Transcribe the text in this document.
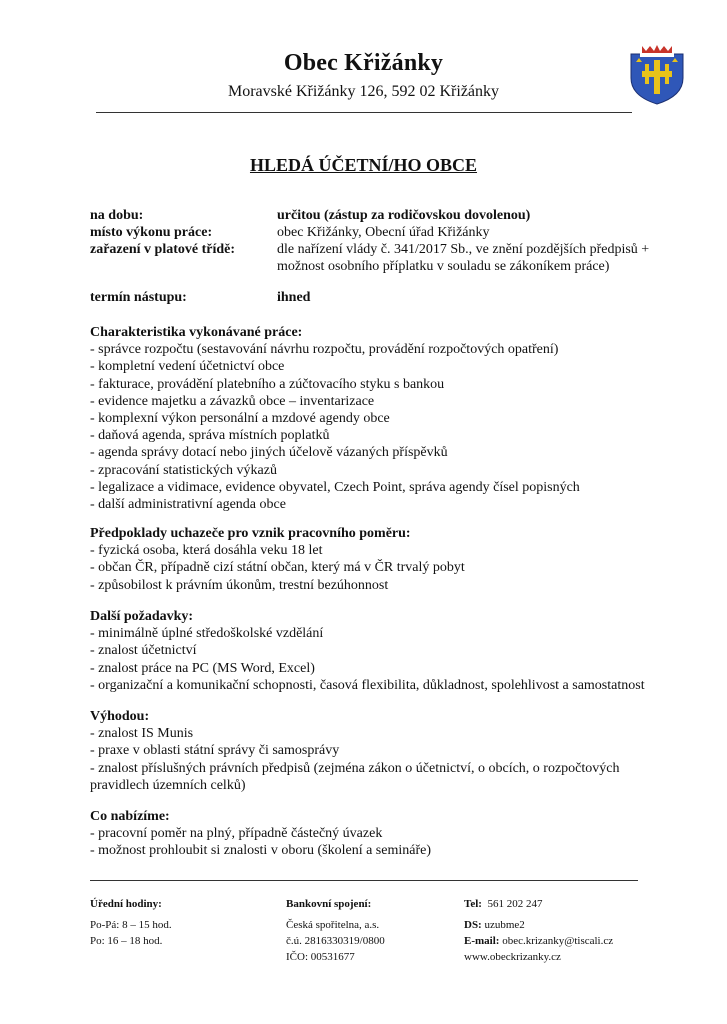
Obec Křižánky
Moravské Křižánky 126, 592 02 Křižánky
HLEDÁ ÚČETNÍ/HO OBCE
na dobu:	určitou (zástup za rodičovskou dovolenou)
místo výkonu práce:	obec Křižánky, Obecní úřad Křižánky
zařazení v platové třídě:	dle nařízení vlády č. 341/2017 Sb., ve znění pozdějších předpisů + možnost osobního příplatku v souladu se zákoníkem práce)
termín nástupu:	ihned
Charakteristika vykonávané práce:
- správce rozpočtu (sestavování návrhu rozpočtu, provádění rozpočtových opatření)
- kompletní vedení účetnictví obce
- fakturace, provádění platebního a zúčtovacího styku s bankou
- evidence majetku a závazků obce – inventarizace
- komplexní výkon personální a mzdové agendy obce
- daňová agenda, správa místních poplatků
- agenda správy dotací nebo jiných účelově vázaných příspěvků
- zpracování statistických výkazů
- legalizace a vidimace, evidence obyvatel, Czech Point, správa agendy čísel popisných
- další administrativní agenda obce
Předpoklady uchazeče pro vznik pracovního poměru:
- fyzická osoba, která dosáhla veku 18 let
- občan ČR, případně cizí státní občan, který má v ČR trvalý pobyt
- způsobilost k právním úkonům, trestní bezúhonnost
Další požadavky:
- minimálně úplné středoškolské vzdělání
- znalost účetnictví
- znalost práce na PC (MS Word, Excel)
- organizační a komunikační schopnosti, časová flexibilita, důkladnost, spolehlivost a samostatnost
Výhodou:
- znalost IS Munis
- praxe v oblasti státní správy či samosprávy
- znalost příslušných právních předpisů (zejména zákon o účetnictví, o obcích, o rozpočtových pravidlech územních celků)
Co nabízíme:
- pracovní poměr na plný, případně částečný úvazek
- možnost prohloubit si znalosti v oboru (školení a semináře)
Úřední hodiny:
Po-Pá: 8 – 15 hod.
Po: 16 – 18 hod.
Bankovní spojení:
Česká spořitelna, a.s.
č.ú. 2816330319/0800
IČO: 00531677
Tel: 561 202 247
DS: uzubme2
E-mail: obec.krizanky@tiscali.cz
www.obeckrizanky.cz
